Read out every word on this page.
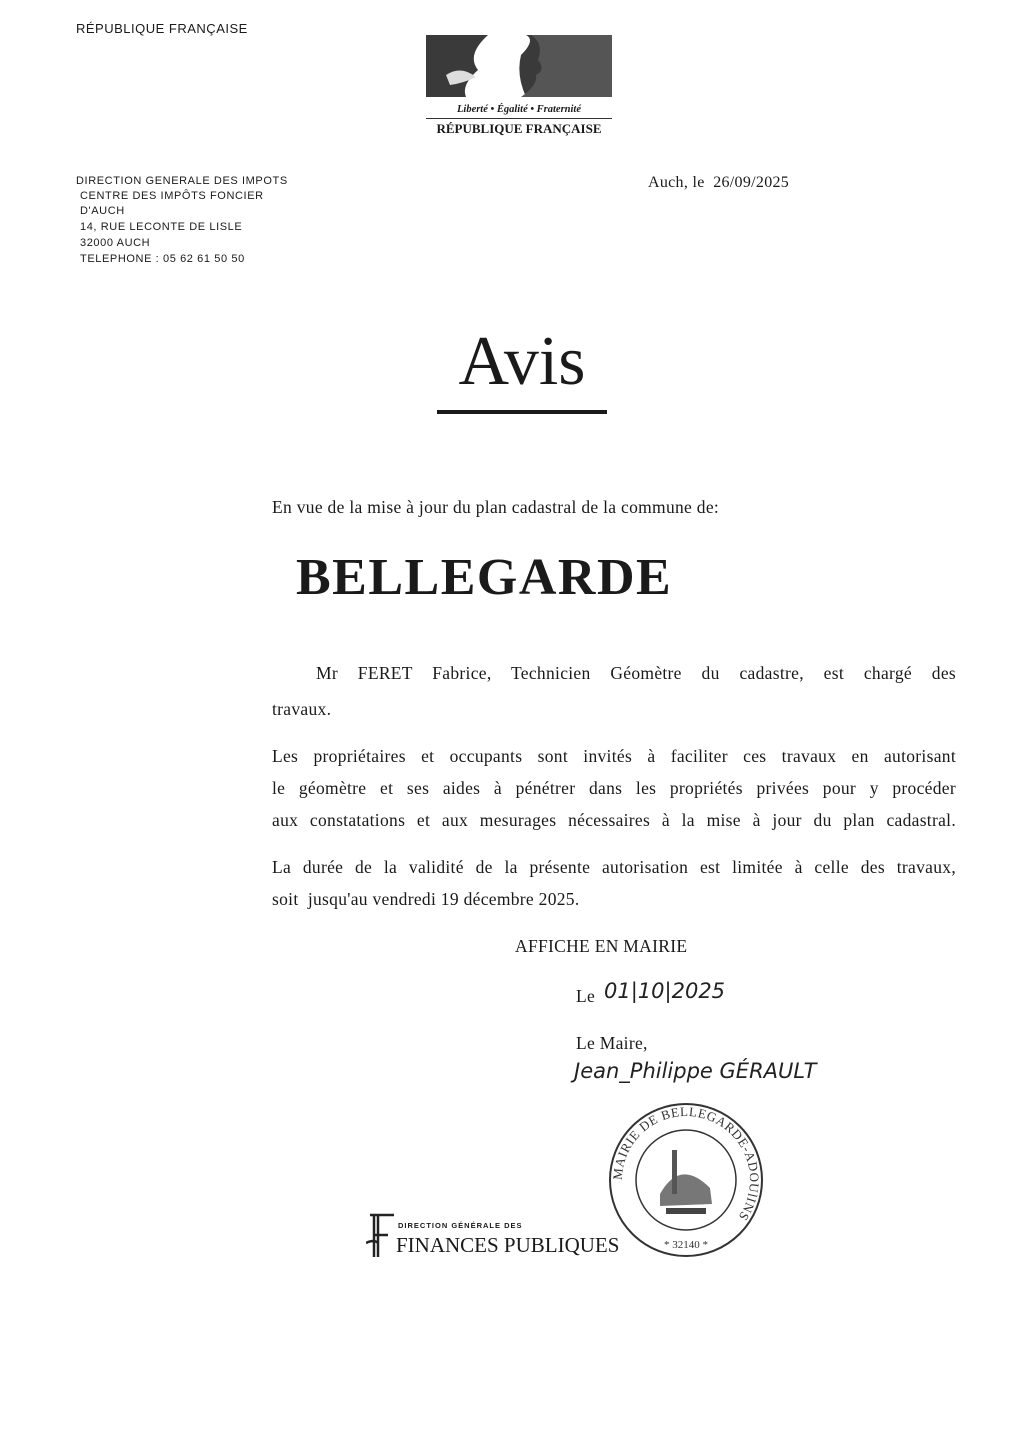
RÉPUBLIQUE FRANÇAISE
Liberté • Égalité • Fraternité
RÉPUBLIQUE FRANÇAISE
DIRECTION GENERALE DES IMPOTS
CENTRE DES IMPÔTS FONCIER
D'AUCH
14, RUE LECONTE DE LISLE
32000 AUCH
TELEPHONE : 05 62 61 50 50
Auch, le  26/09/2025
Avis
En vue de la mise à jour du plan cadastral de la commune de:
BELLEGARDE
Mr FERET Fabrice, Technicien Géomètre du cadastre, est chargé des
travaux.
Les propriétaires et occupants sont invités à faciliter ces travaux en autorisant
le géomètre et ses aides à pénétrer dans les propriétés privées pour y procéder
aux constatations et aux mesurages nécessaires à la mise à jour du plan cadastral.
La durée de la validité de la présente autorisation est limitée à celle des travaux,
soit  jusqu'au vendredi 19 décembre 2025.
AFFICHE EN MAIRIE
Le 01|10|2025
Le Maire,
Jean_Philippe GÉRAULT
MAIRIE DE BELLEGARDE-ADOUlINS
* 32140 *
DIRECTION GÉNÉRALE DES
FINANCES PUBLIQUES
